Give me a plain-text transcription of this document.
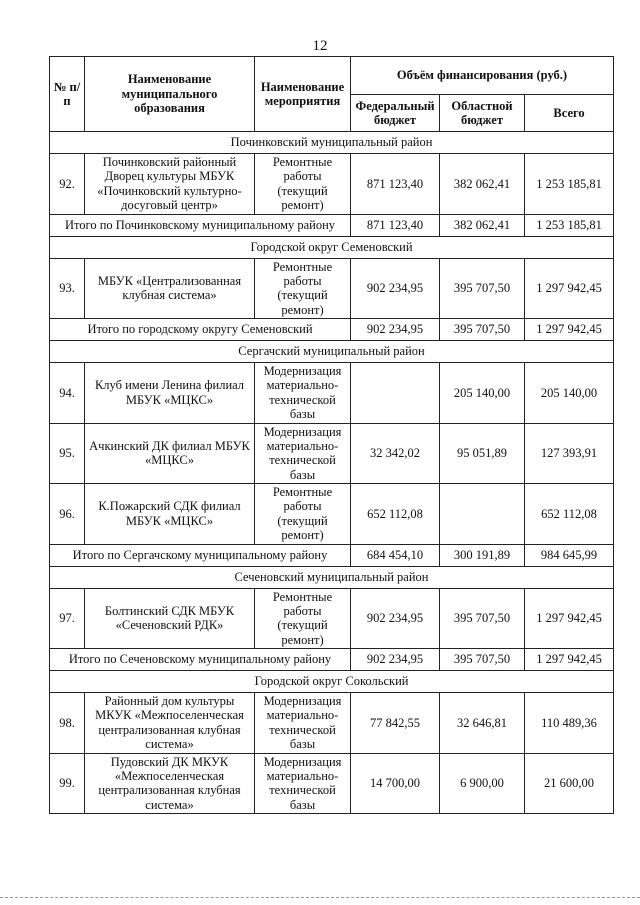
12
№ п/п	Наименование муниципального образования	Наименование мероприятия	Объём финансирования (руб.)		
			Федеральный бюджет	Областной бюджет	Всего
Починковский муниципальный район					
92.	Починковский районный Дворец культуры МБУК «Починковский культурно-досуговый центр»	Ремонтные работы (текущий ремонт)	871 123,40	382 062,41	1 253 185,81
Итого по Починковскому муниципальному району			871 123,40	382 062,41	1 253 185,81
Городской округ Семеновский					
93.	МБУК «Централизованная клубная система»	Ремонтные работы (текущий ремонт)	902 234,95	395 707,50	1 297 942,45
Итого по городскому округу Семеновский			902 234,95	395 707,50	1 297 942,45
Сергачский муниципальный район					
94.	Клуб имени Ленина филиал МБУК «МЦКС»	Модернизация материально-технической базы		205 140,00	205 140,00
95.	Ачкинский ДК филиал МБУК «МЦКС»	Модернизация материально-технической базы	32 342,02	95 051,89	127 393,91
96.	К.Пожарский СДК филиал МБУК «МЦКС»	Ремонтные работы (текущий ремонт)	652 112,08		652 112,08
Итого по Сергачскому муниципальному району			684 454,10	300 191,89	984 645,99
Сеченовский муниципальный район					
97.	Болтинский СДК МБУК «Сеченовский РДК»	Ремонтные работы (текущий ремонт)	902 234,95	395 707,50	1 297 942,45
Итого по Сеченовскому муниципальному району			902 234,95	395 707,50	1 297 942,45
Городской округ Сокольский					
98.	Районный дом культуры МКУК «Межпоселенческая централизованная клубная система»	Модернизация материально-технической базы	77 842,55	32 646,81	110 489,36
99.	Пудовский ДК МКУК «Межпоселенческая централизованная клубная система»	Модернизация материально-технической базы	14 700,00	6 900,00	21 600,00
